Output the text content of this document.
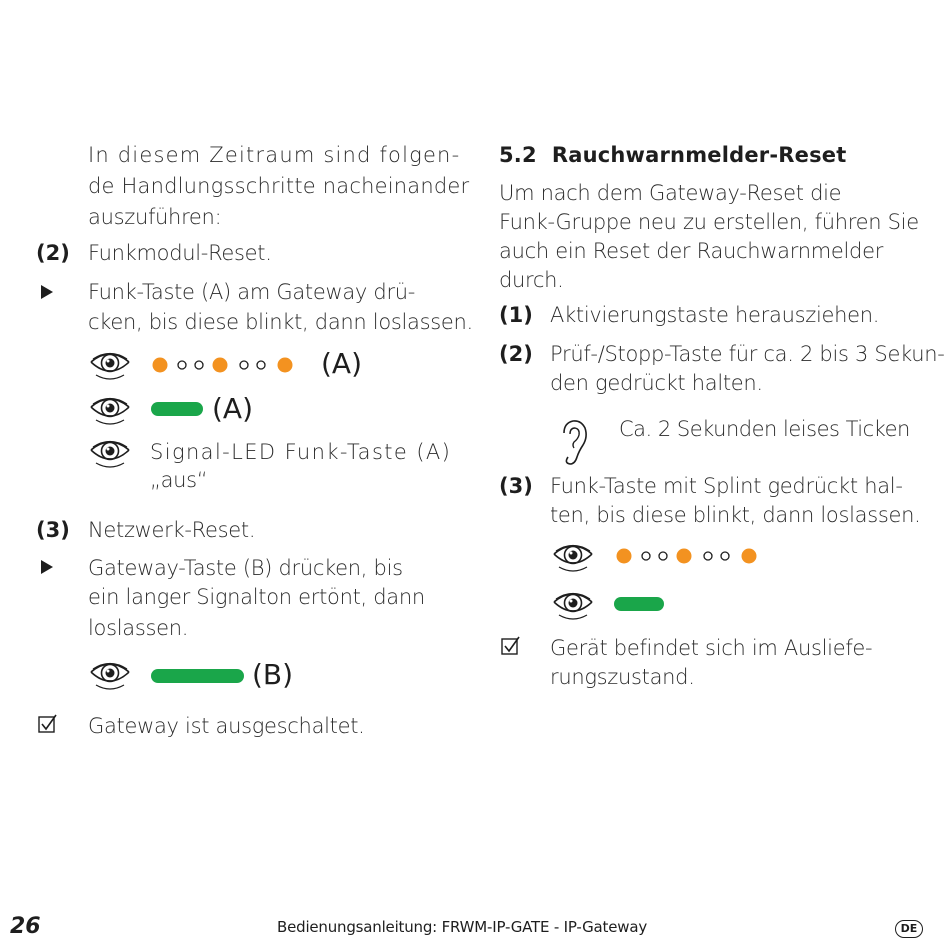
In diesem Zeitraum sind folgen-
de Handlungsschritte nacheinander
auszuführen:
(2) Funkmodul-Reset.
Funk-Taste (A) am Gateway drü-
cken, bis diese blinkt, dann loslassen.
(A)
(A)
Signal-LED Funk-Taste (A)
„aus“
(3) Netzwerk-Reset.
Gateway-Taste (B) drücken, bis
ein langer Signalton ertönt, dann
loslassen.
(B)
Gateway ist ausgeschaltet.
5.2  Rauchwarnmelder-Reset
Um nach dem Gateway-Reset die
Funk-Gruppe neu zu erstellen, führen Sie
auch ein Reset der Rauchwarnmelder
durch.
(1) Aktivierungstaste herausziehen.
(2) Prüf-/Stopp-Taste für ca. 2 bis 3 Sekun-
den gedrückt halten.
Ca. 2 Sekunden leises Ticken
(3) Funk-Taste mit Splint gedrückt hal-
ten, bis diese blinkt, dann loslassen.
Gerät befindet sich im Ausliefe-
rungszustand.
26	Bedienungsanleitung: FRWM-IP-GATE - IP-Gateway	DE
